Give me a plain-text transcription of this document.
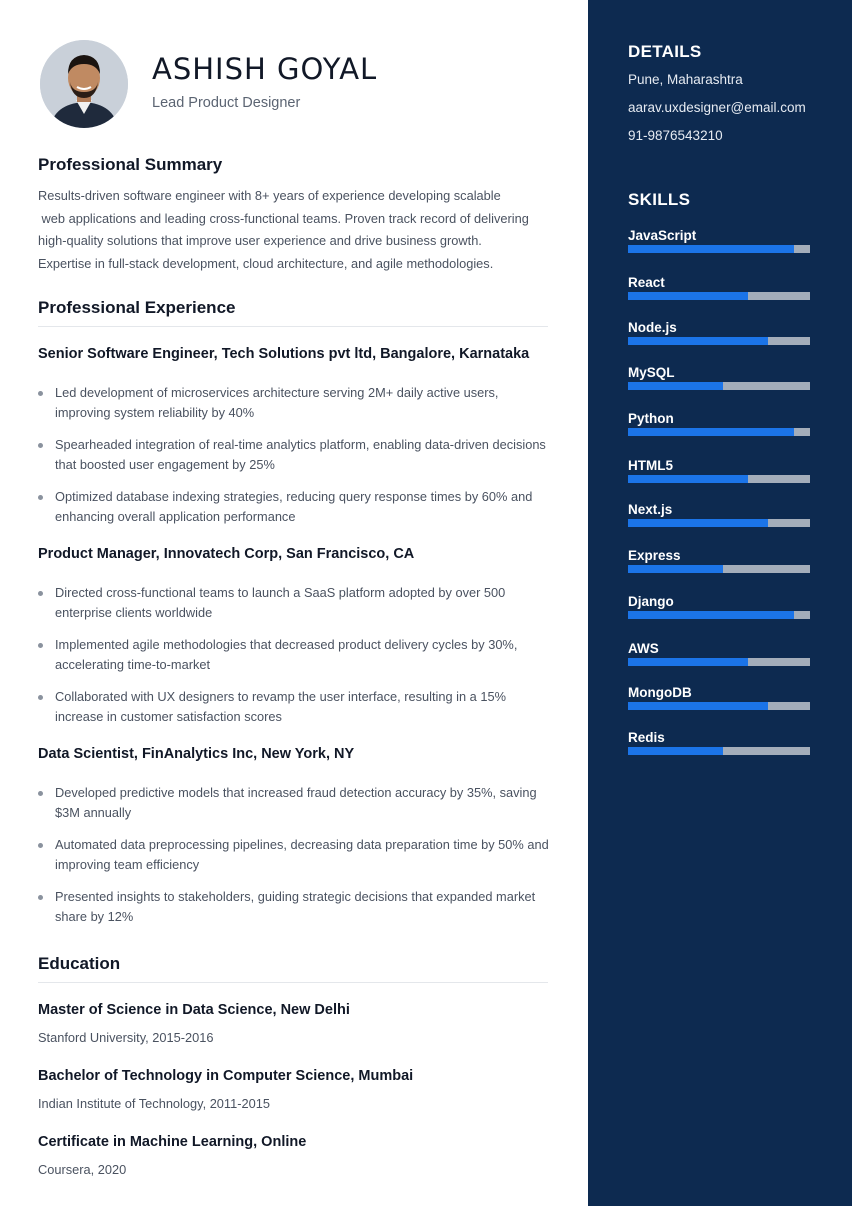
ASHISH GOYAL
Lead Product Designer
Professional Summary
Results-driven software engineer with 8+ years of experience developing scalable
web applications and leading cross-functional teams. Proven track record of delivering
high-quality solutions that improve user experience and drive business growth.
Expertise in full-stack development, cloud architecture, and agile methodologies.
Professional Experience
Senior Software Engineer, Tech Solutions pvt ltd, Bangalore, Karnataka
Led development of microservices architecture serving 2M+ daily active users,
improving system reliability by 40%
Spearheaded integration of real-time analytics platform, enabling data-driven decisions
that boosted user engagement by 25%
Optimized database indexing strategies, reducing query response times by 60% and
enhancing overall application performance
Product Manager, Innovatech Corp, San Francisco, CA
Directed cross-functional teams to launch a SaaS platform adopted by over 500
enterprise clients worldwide
Implemented agile methodologies that decreased product delivery cycles by 30%,
accelerating time-to-market
Collaborated with UX designers to revamp the user interface, resulting in a 15%
increase in customer satisfaction scores
Data Scientist, FinAnalytics Inc, New York, NY
Developed predictive models that increased fraud detection accuracy by 35%, saving
$3M annually
Automated data preprocessing pipelines, decreasing data preparation time by 50% and
improving team efficiency
Presented insights to stakeholders, guiding strategic decisions that expanded market
share by 12%
Education
Master of Science in Data Science, New Delhi
Stanford University, 2015-2016
Bachelor of Technology in Computer Science, Mumbai
Indian Institute of Technology, 2011-2015
Certificate in Machine Learning, Online
Coursera, 2020
DETAILS
Pune, Maharashtra
aarav.uxdesigner@email.com
91-9876543210
SKILLS
JavaScript
React
Node.js
MySQL
Python
HTML5
Next.js
Express
Django
AWS
MongoDB
Redis
